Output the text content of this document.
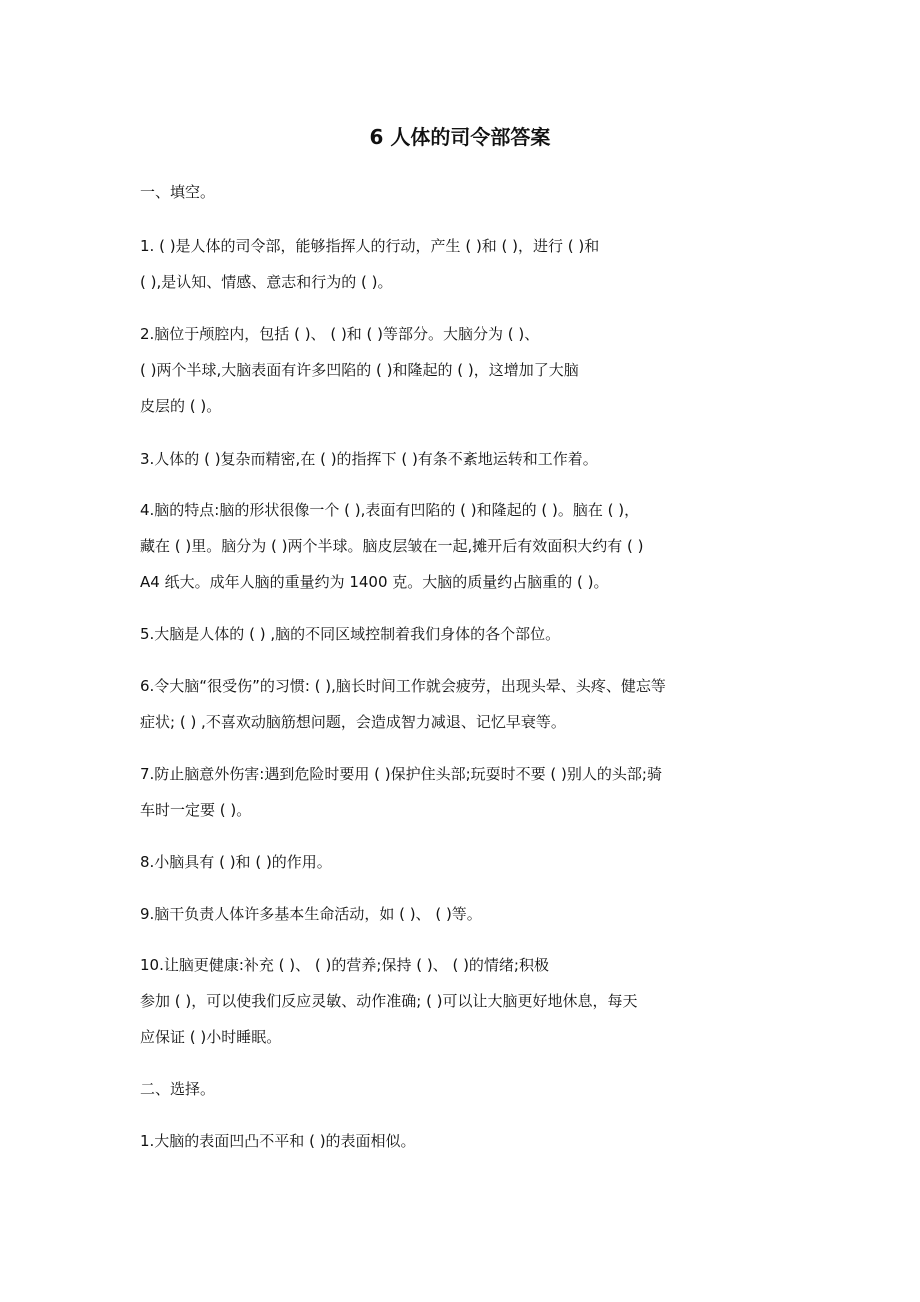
6 人体的司令部答案
一、填空。
1. ( )是人体的司令部，能够指挥人的行动，产生 ( )和 ( )，进行 ( )和
( ),是认知、情感、意志和行为的 ( )。
2.脑位于颅腔内，包括 ( )、 ( )和 ( )等部分。大脑分为 ( )、
( )两个半球,大脑表面有许多凹陷的 ( )和隆起的 ( )，这增加了大脑
皮层的 ( )。
3.人体的 ( )复杂而精密,在 ( )的指挥下 ( )有条不紊地运转和工作着。
4.脑的特点:脑的形状很像一个 ( ),表面有凹陷的 ( )和隆起的 ( )。脑在 ( )，
藏在 ( )里。脑分为 ( )两个半球。脑皮层皱在一起,摊开后有效面积大约有 ( )
A4 纸大。成年人脑的重量约为 1400 克。大脑的质量约占脑重的 ( )。
5.大脑是人体的 ( ) ,脑的不同区域控制着我们身体的各个部位。
6.令大脑“很受伤”的习惯: ( ),脑长时间工作就会疲劳，出现头晕、头疼、健忘等
症状; ( ) ,不喜欢动脑筋想问题，会造成智力减退、记忆早衰等。
7.防止脑意外伤害:遇到危险时要用 ( )保护住头部;玩耍时不要 ( )别人的头部;骑
车时一定要 ( )。
8.小脑具有 ( )和 ( )的作用。
9.脑干负责人体许多基本生命活动，如 ( )、 ( )等。
10.让脑更健康:补充 ( )、 ( )的营养;保持 ( )、 ( )的情绪;积极
参加 ( )，可以使我们反应灵敏、动作准确; ( )可以让大脑更好地休息，每天
应保证 ( )小时睡眠。
二、选择。
1.大脑的表面凹凸不平和 ( )的表面相似。
